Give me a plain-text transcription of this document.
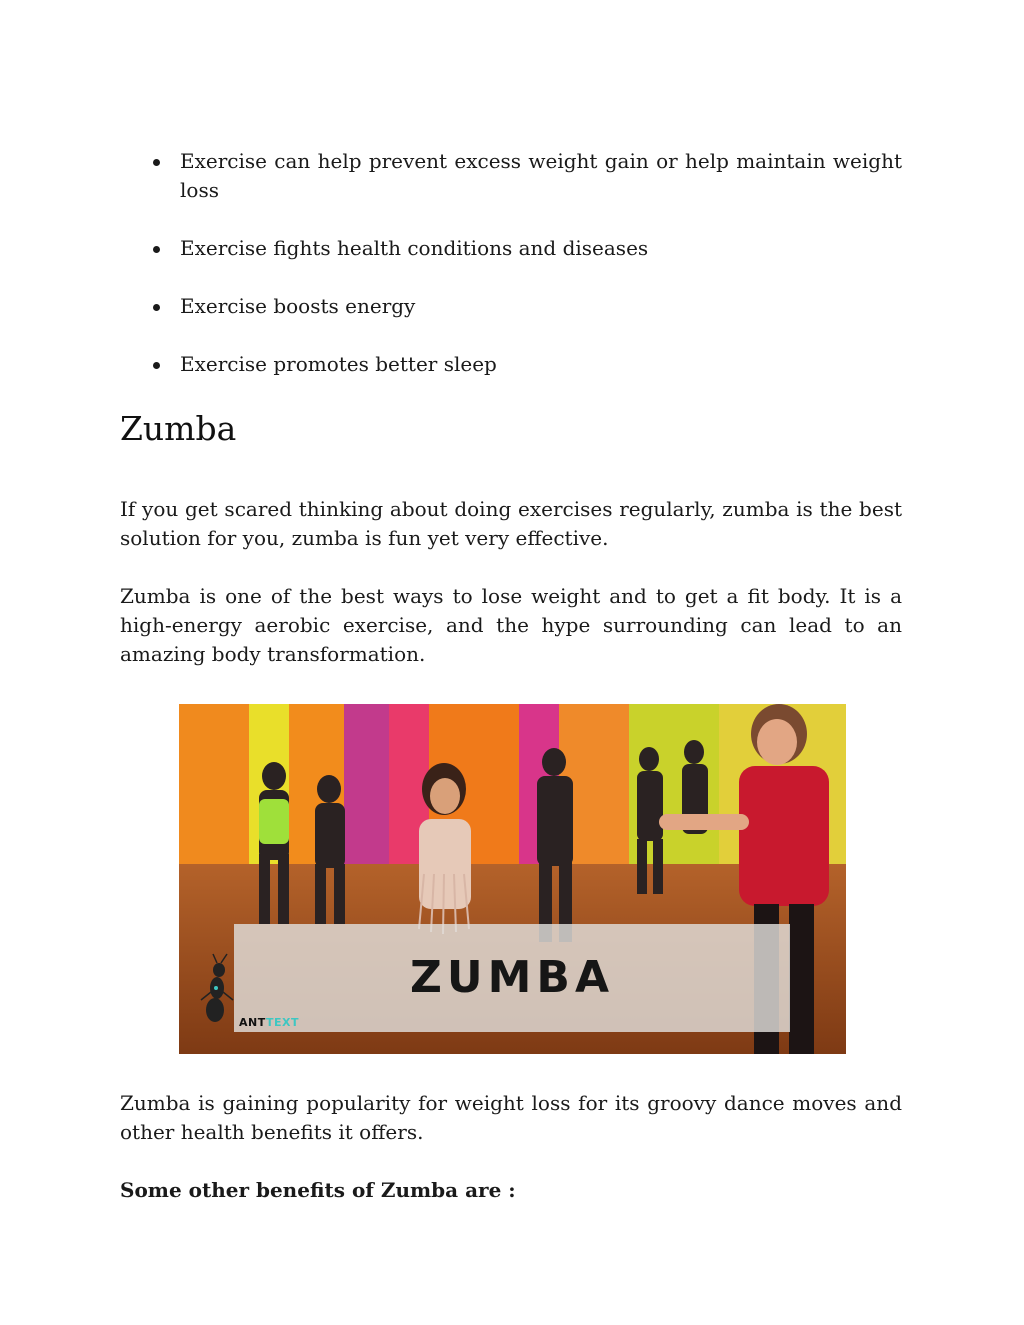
Exercise can help prevent excess weight gain or help maintain weight loss
Exercise fights health conditions and diseases
Exercise boosts energy
Exercise promotes better sleep
Zumba

If you get scared thinking about doing exercises regularly, zumba is the best solution for you, zumba is fun yet very effective.

Zumba is one of the best ways to lose weight and to get a fit body. It is a high-energy aerobic exercise, and the hype surrounding can lead to an amazing body transformation.

ZUMBA
ANTTEXT

Zumba is gaining popularity for weight loss for its groovy dance moves and other health benefits it offers.

Some other benefits of Zumba are :
